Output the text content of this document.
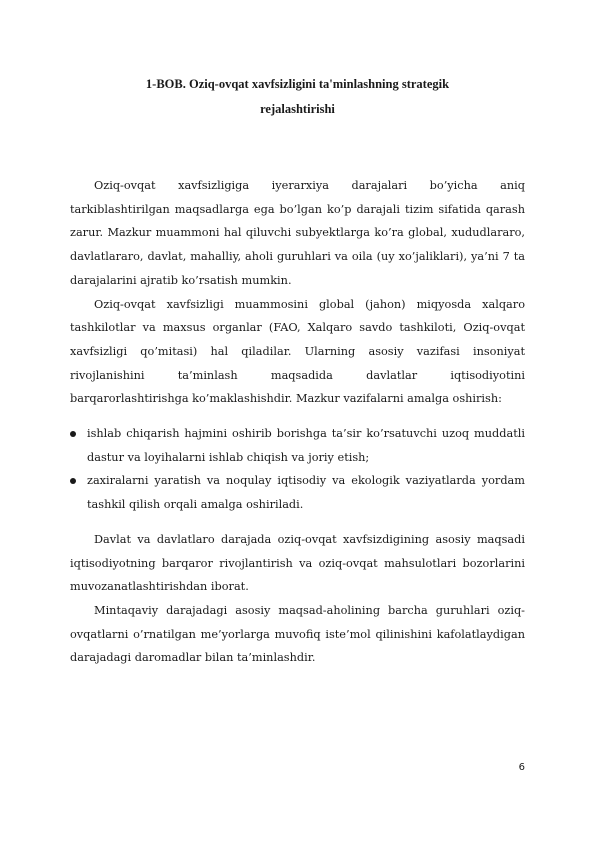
1-BOB. Oziq-ovqat xavfsizligini ta'minlashning strategik
rejalashtirishi

Oziq-ovqat xavfsizligiga iyerarxiya darajalari bo’yicha aniq tarkiblashtirilgan maqsadlarga ega bo’lgan ko’p darajali tizim sifatida qarash zarur. Mazkur muammoni hal qiluvchi subyektlarga ko’ra global, xududlararo, davlatlararo, davlat, mahalliy, aholi guruhlari va oila (uy xo’jaliklari), ya’ni 7 ta darajalarini ajratib ko’rsatish mumkin.

Oziq-ovqat xavfsizligi muammosini global (jahon) miqyosda xalqaro tashkilotlar va maxsus organlar (FAO, Xalqaro savdo tashkiloti, Oziq-ovqat xavfsizligi qo’mitasi) hal qiladilar. Ularning asosiy vazifasi insoniyat rivojlanishini ta’minlash maqsadida davlatlar iqtisodiyotini barqarorlashtirishga ko’maklashishdir. Mazkur vazifalarni amalga oshirish:

ishlab chiqarish hajmini oshirib borishga ta’sir ko’rsatuvchi uzoq muddatli dastur va loyihalarni ishlab chiqish va joriy etish;
zaxiralarni yaratish va noqulay iqtisodiy va ekologik vaziyatlarda yordam tashkil qilish orqali amalga oshiriladi.

Davlat va davlatlaro darajada oziq-ovqat xavfsizdigining asosiy maqsadi iqtisodiyotning barqaror rivojlantirish va oziq-ovqat mahsulotlari bozorlarini muvozanatlashtirishdan iborat.

Mintaqaviy darajadagi asosiy maqsad-aholining barcha guruhlari oziq-ovqatlarni o’rnatilgan me’yorlarga muvofiq iste’mol qilinishini kafolatlaydigan darajadagi daromadlar bilan ta’minlashdir.

6
